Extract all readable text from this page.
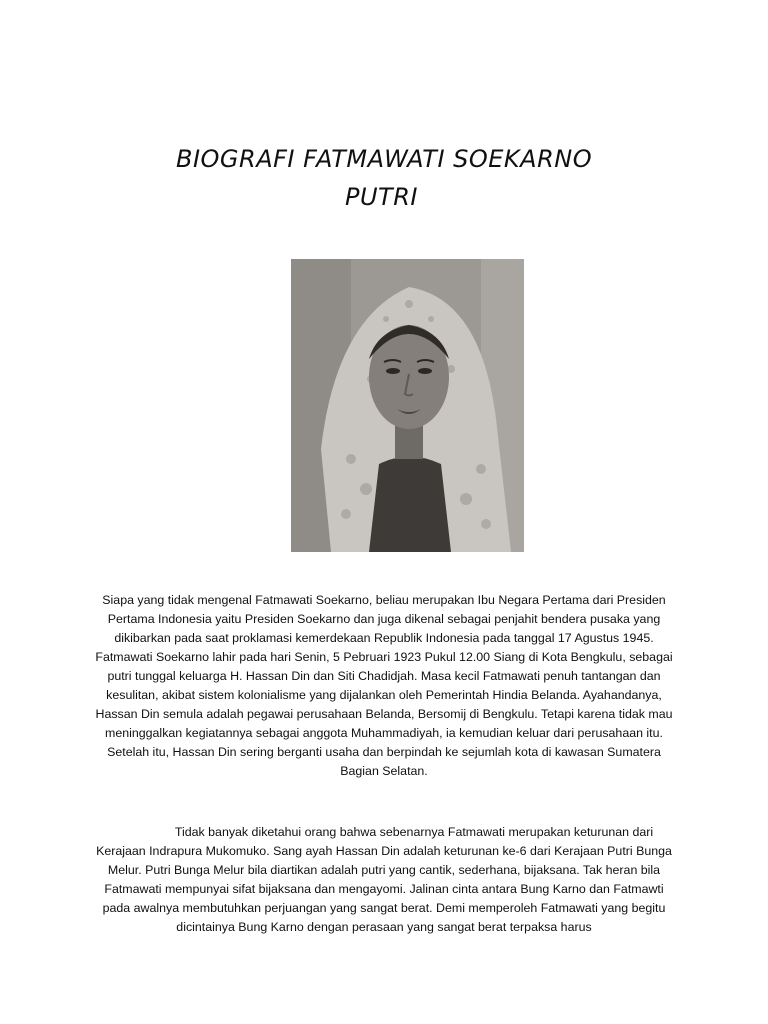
BIOGRAFI FATMAWATI SOEKARNO
PUTRI

Siapa yang tidak mengenal Fatmawati Soekarno, beliau merupakan Ibu Negara Pertama dari Presiden Pertama Indonesia yaitu Presiden Soekarno dan juga dikenal sebagai penjahit bendera pusaka yang dikibarkan pada saat proklamasi kemerdekaan Republik Indonesia pada tanggal 17 Agustus 1945. Fatmawati Soekarno lahir pada hari Senin, 5 Pebruari 1923 Pukul 12.00 Siang di Kota Bengkulu, sebagai putri tunggal keluarga H. Hassan Din dan Siti Chadidjah. Masa kecil Fatmawati penuh tantangan dan kesulitan, akibat sistem kolonialisme yang dijalankan oleh Pemerintah Hindia Belanda. Ayahandanya, Hassan Din semula adalah pegawai perusahaan Belanda, Bersomij di Bengkulu. Tetapi karena tidak mau meninggalkan kegiatannya sebagai anggota Muhammadiyah, ia kemudian keluar dari perusahaan itu. Setelah itu, Hassan Din sering berganti usaha dan berpindah ke sejumlah kota di kawasan Sumatera Bagian Selatan.

Tidak banyak diketahui orang bahwa sebenarnya Fatmawati merupakan keturunan dari Kerajaan Indrapura Mukomuko. Sang ayah Hassan Din adalah keturunan ke-6 dari Kerajaan Putri Bunga Melur. Putri Bunga Melur bila diartikan adalah putri yang cantik, sederhana, bijaksana. Tak heran bila Fatmawati mempunyai sifat bijaksana dan mengayomi. Jalinan cinta antara Bung Karno dan Fatmawti pada awalnya membutuhkan perjuangan yang sangat berat. Demi memperoleh Fatmawati yang begitu dicintainya Bung Karno dengan perasaan yang sangat berat terpaksa harus
